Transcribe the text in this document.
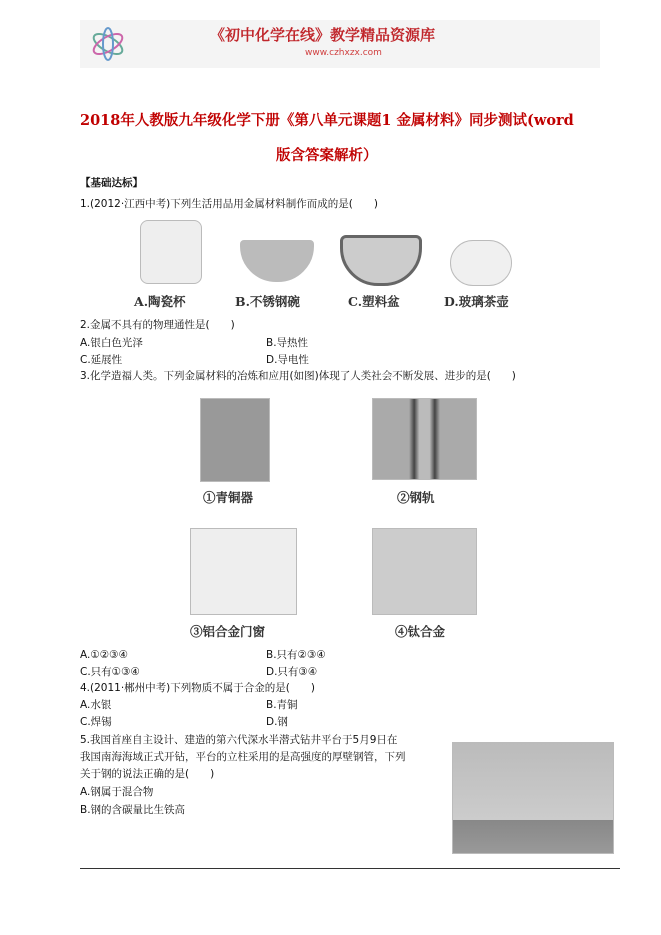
《初中化学在线》教学精品资源库
www.czhxzx.com
2018年人教版九年级化学下册《第八单元课题1 金属材料》同步测试(word
版含答案解析）
【基础达标】
1.(2012·江西中考)下列生活用品用金属材料制作而成的是(　　)
A.陶瓷杯	B.不锈钢碗	C.塑料盆	D.玻璃茶壶
2.金属不具有的物理通性是(　　)
A.银白色光泽	B.导热性
C.延展性	D.导电性
3.化学造福人类。下列金属材料的冶炼和应用(如图)体现了人类社会不断发展、进步的是(　　)
①青铜器	②钢轨
③铝合金门窗	④钛合金
A.①②③④	B.只有②③④
C.只有①③④	D.只有③④
4.(2011·郴州中考)下列物质不属于合金的是(　　)
A.水银	B.青铜
C.焊锡	D.钢
5.我国首座自主设计、建造的第六代深水半潜式钻井平台于5月9日在
我国南海海域正式开钻，平台的立柱采用的是高强度的厚壁钢管，下列
关于钢的说法正确的是(　　)
A.钢属于混合物
B.钢的含碳量比生铁高
